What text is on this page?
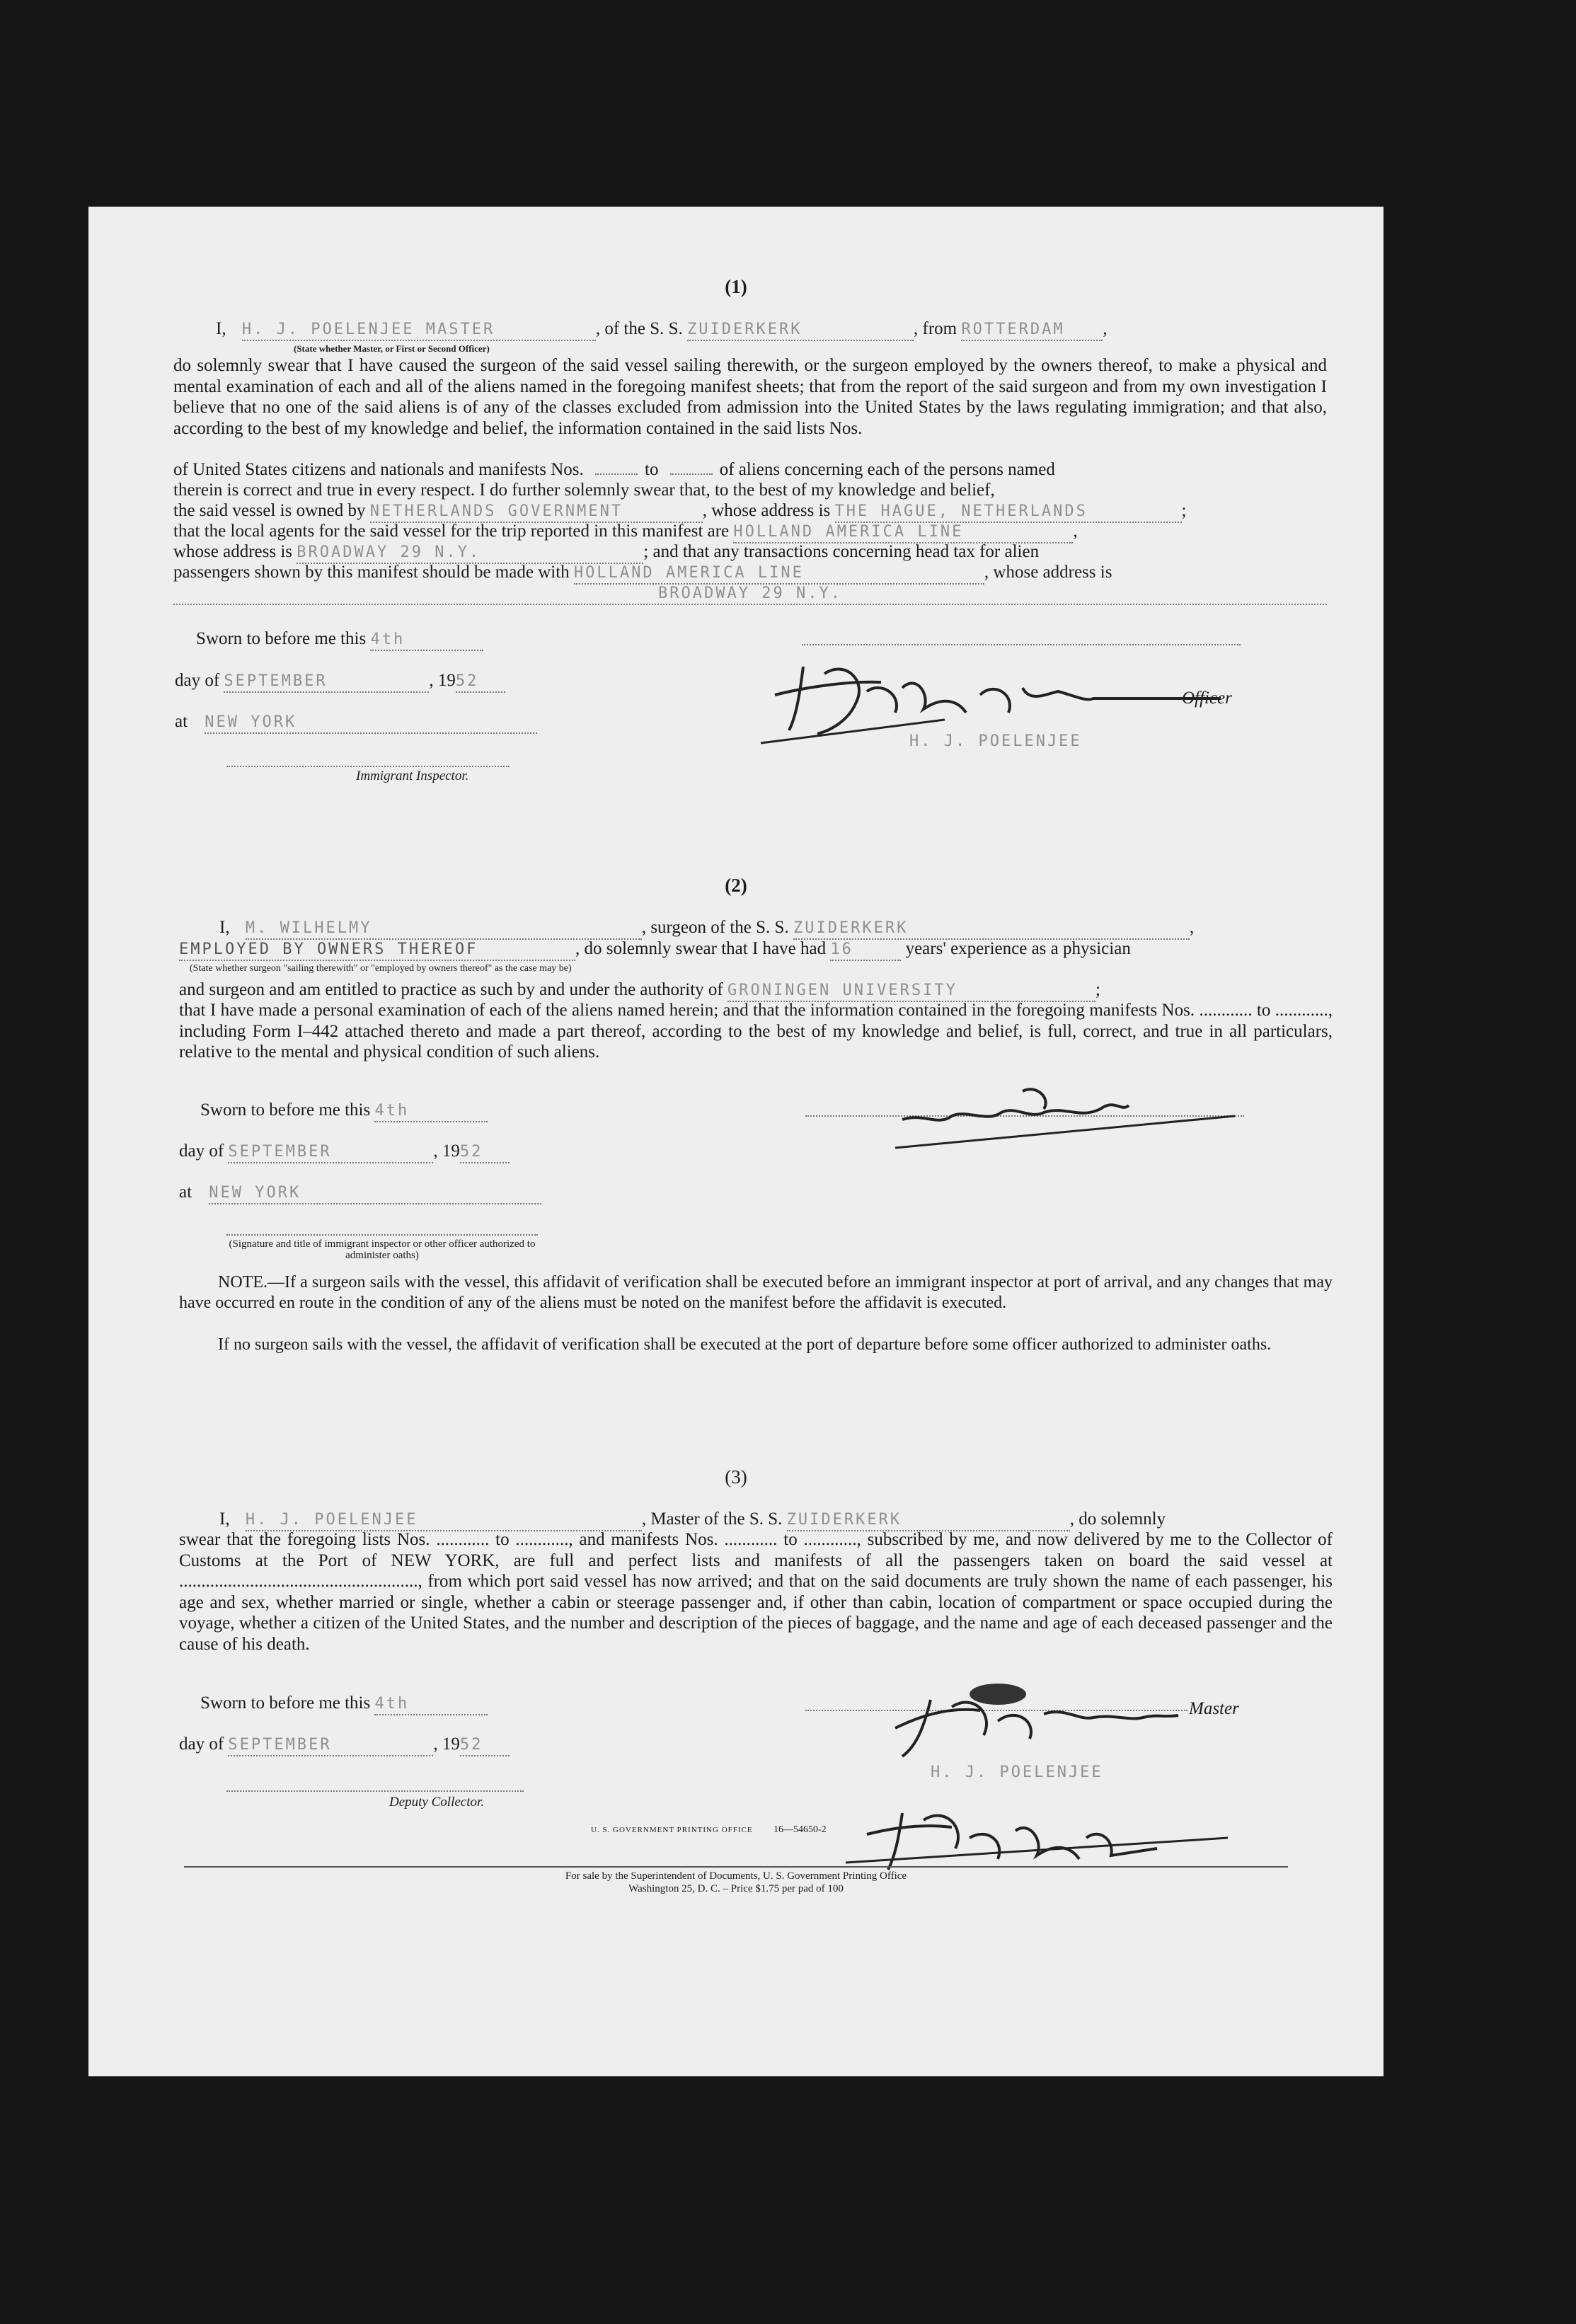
(1)
I, H. J. POELENJEE MASTER	, of the S. S. ZUIDERKERK	, from ROTTERDAM ,
(State whether Master, or First or Second Officer)
do solemnly swear that I have caused the surgeon of the said vessel sailing therewith, or the surgeon employed by the owners thereof, to make a physical and mental examination of each and all of the aliens named in the foregoing manifest sheets; that from the report of the said surgeon and from my own investigation I believe that no one of the said aliens is of any of the classes excluded from admission into the United States by the laws regulating immigration; and that also, according to the best of my knowledge and belief, the information contained in the said lists Nos.
of United States citizens and nationals and manifests Nos.	to	of aliens concerning each of the persons named
therein is correct and true in every respect. I do further solemnly swear that, to the best of my knowledge and belief,
the said vessel is owned by NETHERLANDS GOVERNMENT	, whose address is THE HAGUE, NETHERLANDS	;
that the local agents for the said vessel for the trip reported in this manifest are HOLLAND AMERICA LINE	,
whose address is BROADWAY 29 N.Y.	; and that any transactions concerning head tax for alien
passengers shown by this manifest should be made with HOLLAND AMERICA LINE	, whose address is
BROADWAY 29 N.Y.
Sworn to before me this 4th
day of SEPTEMBER	, 1952
Officer
at NEW YORK
H. J. POELENJEE
Immigrant Inspector.
(2)
I, M. WILHELMY	, surgeon of the S. S. ZUIDERKERK	,
EMPLOYED BY OWNERS THEREOF	, do solemnly swear that I have had 16	years' experience as a physician
(State whether surgeon "sailing therewith" or "employed by owners thereof" as the case may be)
and surgeon and am entitled to practice as such by and under the authority of GRONINGEN UNIVERSITY	;
that I have made a personal examination of each of the aliens named herein; and that the information contained in the foregoing manifests Nos. ............ to ............, including Form I–442 attached thereto and made a part thereof, according to the best of my knowledge and belief, is full, correct, and true in all particulars, relative to the mental and physical condition of such aliens.
Sworn to before me this 4th
day of SEPTEMBER	, 1952
at NEW YORK
(Signature and title of immigrant inspector or other officer authorized to administer oaths)
NOTE.—If a surgeon sails with the vessel, this affidavit of verification shall be executed before an immigrant inspector at port of arrival, and any changes that may have occurred en route in the condition of any of the aliens must be noted on the manifest before the affidavit is executed.
If no surgeon sails with the vessel, the affidavit of verification shall be executed at the port of departure before some officer authorized to administer oaths.
(3)
I, H. J. POELENJEE	, Master of the S. S. ZUIDERKERK	, do solemnly
swear that the foregoing lists Nos. ............ to ............, and manifests Nos. ............ to ............, subscribed by me, and now delivered by me to the Collector of Customs at the Port of NEW YORK, are full and perfect lists and manifests of all the passengers taken on board the said vessel at ......................................................, from which port said vessel has now arrived; and that on the said documents are truly shown the name of each passenger, his age and sex, whether married or single, whether a cabin or steerage passenger and, if other than cabin, location of compartment or space occupied during the voyage, whether a citizen of the United States, and the number and description of the pieces of baggage, and the name and age of each deceased passenger and the cause of his death.
Sworn to before me this 4th	Master
day of SEPTEMBER	, 1952
H. J. POELENJEE
Deputy Collector.
U. S. GOVERNMENT PRINTING OFFICE 16—54650-2
For sale by the Superintendent of Documents, U. S. Government Printing Office
Washington 25, D. C. – Price $1.75 per pad of 100
